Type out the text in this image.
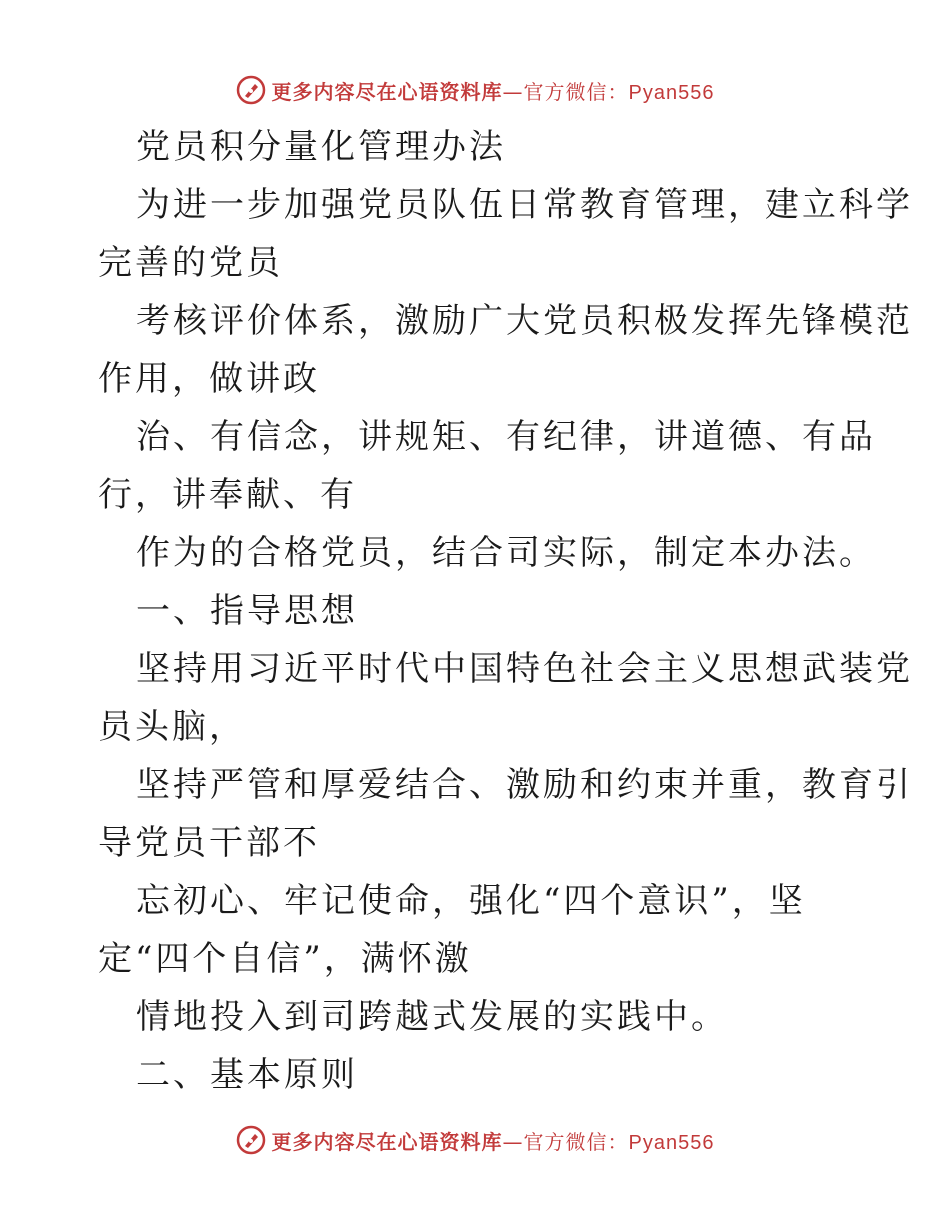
更多内容尽在心语资料库—官方微信：Pyan556
党员积分量化管理办法
为进一步加强党员队伍日常教育管理，建立科学
完善的党员
考核评价体系，激励广大党员积极发挥先锋模范
作用，做讲政
治、有信念，讲规矩、有纪律，讲道德、有品
行，讲奉献、有
作为的合格党员，结合司实际，制定本办法。
一、指导思想
坚持用习近平时代中国特色社会主义思想武装党
员头脑，
坚持严管和厚爱结合、激励和约束并重，教育引
导党员干部不
忘初心、牢记使命，强化“四个意识”，坚
定“四个自信”，满怀激
情地投入到司跨越式发展的实践中。
二、基本原则
更多内容尽在心语资料库—官方微信：Pyan556
